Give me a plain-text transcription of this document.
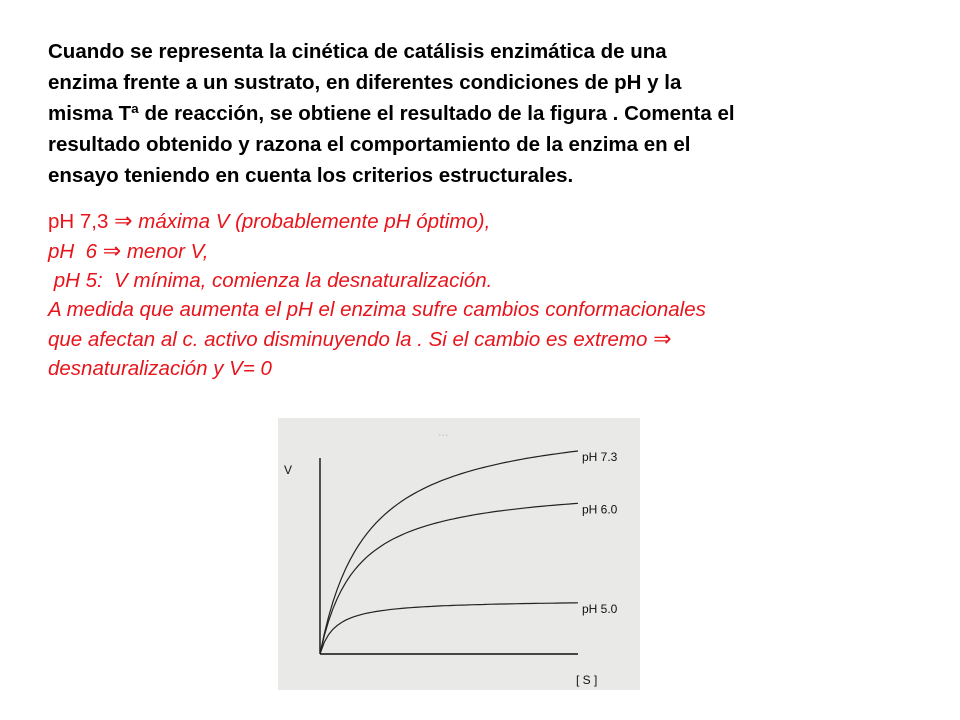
Cuando se representa la cinética de catálisis enzimática de una
enzima frente a un sustrato, en diferentes condiciones de pH y la
misma Tª de reacción, se obtiene el resultado de la figura . Comenta el
resultado obtenido y razona el comportamiento de la enzima en el
ensayo teniendo en cuenta los criterios estructurales.
pH 7,3 ⇒ máxima V (probablemente pH óptimo),
pH  6 ⇒ menor V,
pH 5:  V mínima, comienza la desnaturalización.
A medida que aumenta el pH el enzima sufre cambios conformacionales
que afectan al c. activo disminuyendo la . Si el cambio es extremo ⇒
desnaturalización y V= 0
...
V
[ S ]
pH 7.3
pH 6.0
pH 5.0
